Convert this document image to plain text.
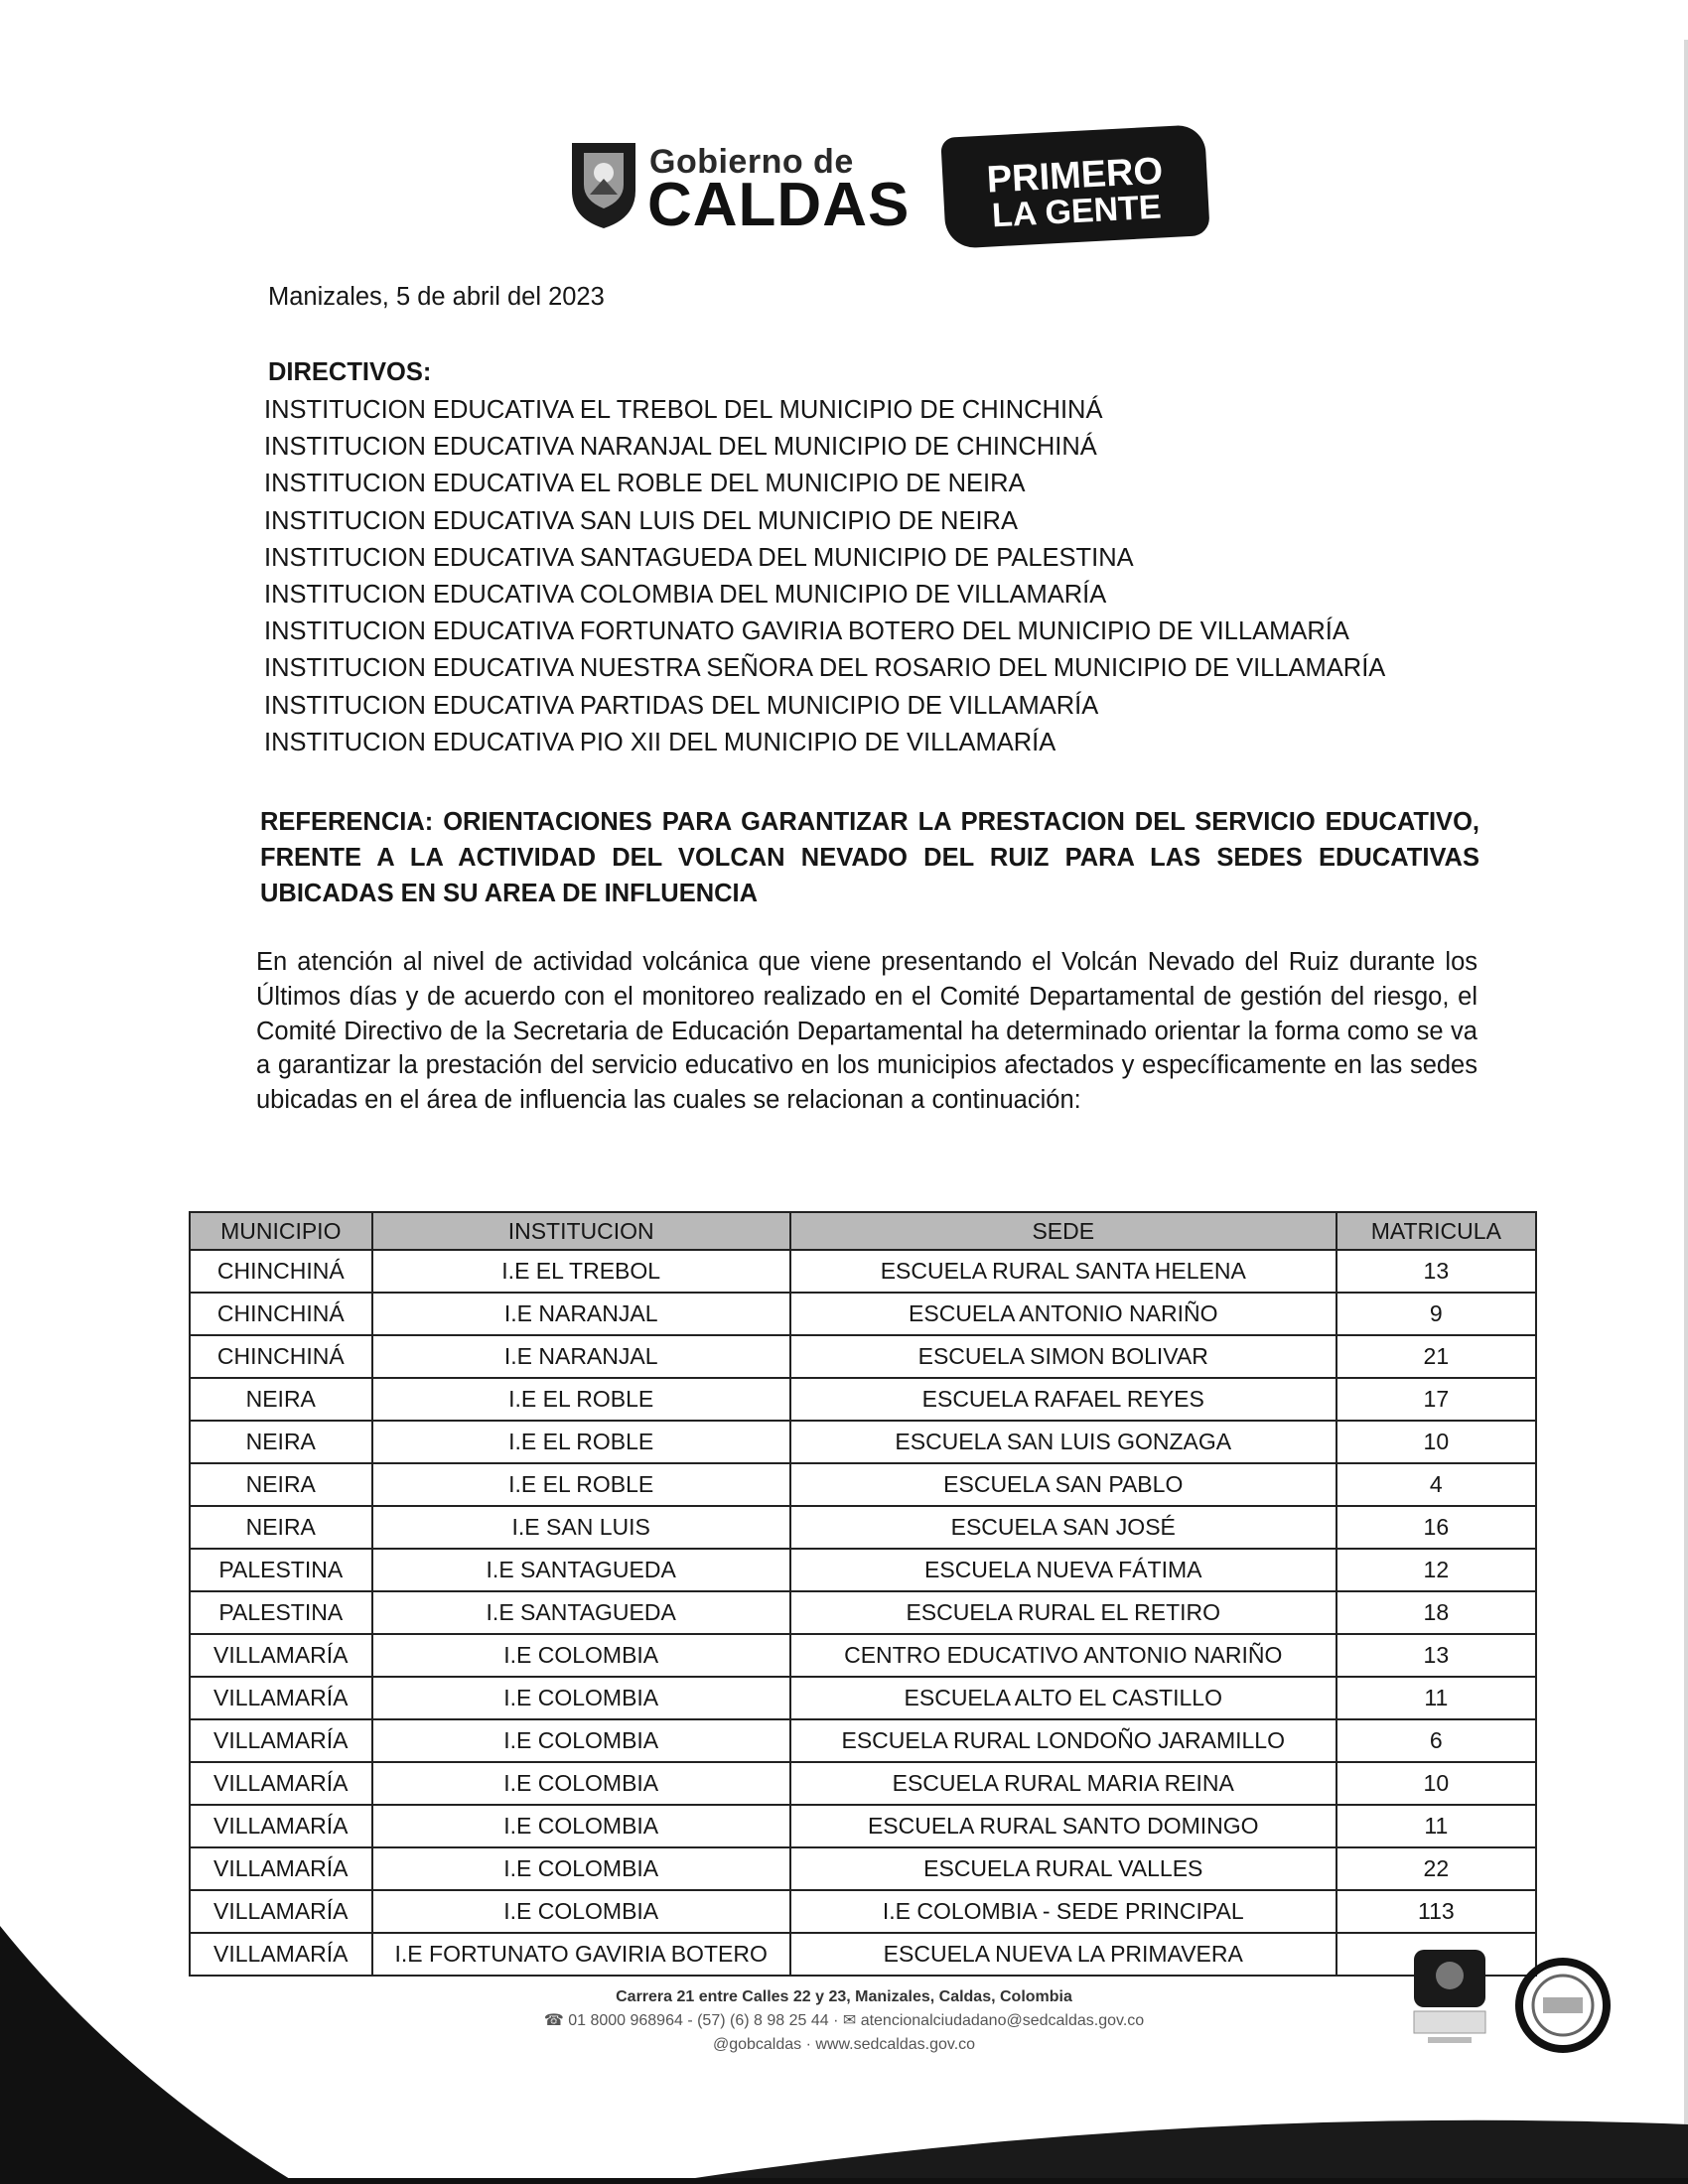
Gobierno de
CALDAS	PRIMERO
LA GENTE
Manizales, 5 de abril del 2023
DIRECTIVOS:
INSTITUCION EDUCATIVA EL TREBOL DEL MUNICIPIO DE CHINCHINÁ
INSTITUCION EDUCATIVA NARANJAL DEL MUNICIPIO DE CHINCHINÁ
INSTITUCION EDUCATIVA EL ROBLE DEL MUNICIPIO DE NEIRA
INSTITUCION EDUCATIVA SAN LUIS DEL MUNICIPIO DE NEIRA
INSTITUCION EDUCATIVA SANTAGUEDA DEL MUNICIPIO DE PALESTINA
INSTITUCION EDUCATIVA COLOMBIA DEL MUNICIPIO DE VILLAMARÍA
INSTITUCION EDUCATIVA FORTUNATO GAVIRIA BOTERO DEL MUNICIPIO DE VILLAMARÍA
INSTITUCION EDUCATIVA NUESTRA SEÑORA DEL ROSARIO DEL MUNICIPIO DE VILLAMARÍA
INSTITUCION EDUCATIVA PARTIDAS DEL MUNICIPIO DE VILLAMARÍA
INSTITUCION EDUCATIVA PIO XII DEL MUNICIPIO DE VILLAMARÍA
REFERENCIA: ORIENTACIONES PARA GARANTIZAR LA PRESTACION DEL SERVICIO EDUCATIVO, FRENTE A LA ACTIVIDAD DEL VOLCAN NEVADO DEL RUIZ PARA LAS SEDES EDUCATIVAS UBICADAS EN SU AREA DE INFLUENCIA
En atención al nivel de actividad volcánica que viene presentando el Volcán Nevado del Ruiz durante los Últimos días y de acuerdo con el monitoreo realizado en el Comité Departamental de gestión del riesgo, el Comité Directivo de la Secretaria de Educación Departamental ha determinado orientar la forma como se va a garantizar la prestación del servicio educativo en los municipios afectados y específicamente en las sedes ubicadas en el área de influencia las cuales se relacionan a continuación:
MUNICIPIO	INSTITUCION	SEDE	MATRICULA
CHINCHINÁ	I.E EL TREBOL	ESCUELA RURAL SANTA HELENA	13
CHINCHINÁ	I.E NARANJAL	ESCUELA ANTONIO NARIÑO	9
CHINCHINÁ	I.E NARANJAL	ESCUELA SIMON BOLIVAR	21
NEIRA	I.E EL ROBLE	ESCUELA RAFAEL REYES	17
NEIRA	I.E EL ROBLE	ESCUELA SAN LUIS GONZAGA	10
NEIRA	I.E EL ROBLE	ESCUELA SAN PABLO	4
NEIRA	I.E SAN LUIS	ESCUELA SAN JOSÉ	16
PALESTINA	I.E SANTAGUEDA	ESCUELA NUEVA FÁTIMA	12
PALESTINA	I.E SANTAGUEDA	ESCUELA RURAL EL RETIRO	18
VILLAMARÍA	I.E COLOMBIA	CENTRO EDUCATIVO ANTONIO NARIÑO	13
VILLAMARÍA	I.E COLOMBIA	ESCUELA ALTO EL CASTILLO	11
VILLAMARÍA	I.E COLOMBIA	ESCUELA RURAL LONDOÑO JARAMILLO	6
VILLAMARÍA	I.E COLOMBIA	ESCUELA RURAL MARIA REINA	10
VILLAMARÍA	I.E COLOMBIA	ESCUELA RURAL SANTO DOMINGO	11
VILLAMARÍA	I.E COLOMBIA	ESCUELA RURAL VALLES	22
VILLAMARÍA	I.E COLOMBIA	I.E COLOMBIA - SEDE PRINCIPAL	113
VILLAMARÍA	I.E FORTUNATO GAVIRIA BOTERO	ESCUELA NUEVA LA PRIMAVERA	
Carrera 21 entre Calles 22 y 23, Manizales, Caldas, Colombia
☎ 01 8000 968964 - (57) (6) 8 98 25 44 · ✉ atencionalciudadano@sedcaldas.gov.co
@gobcaldas · www.sedcaldas.gov.co
